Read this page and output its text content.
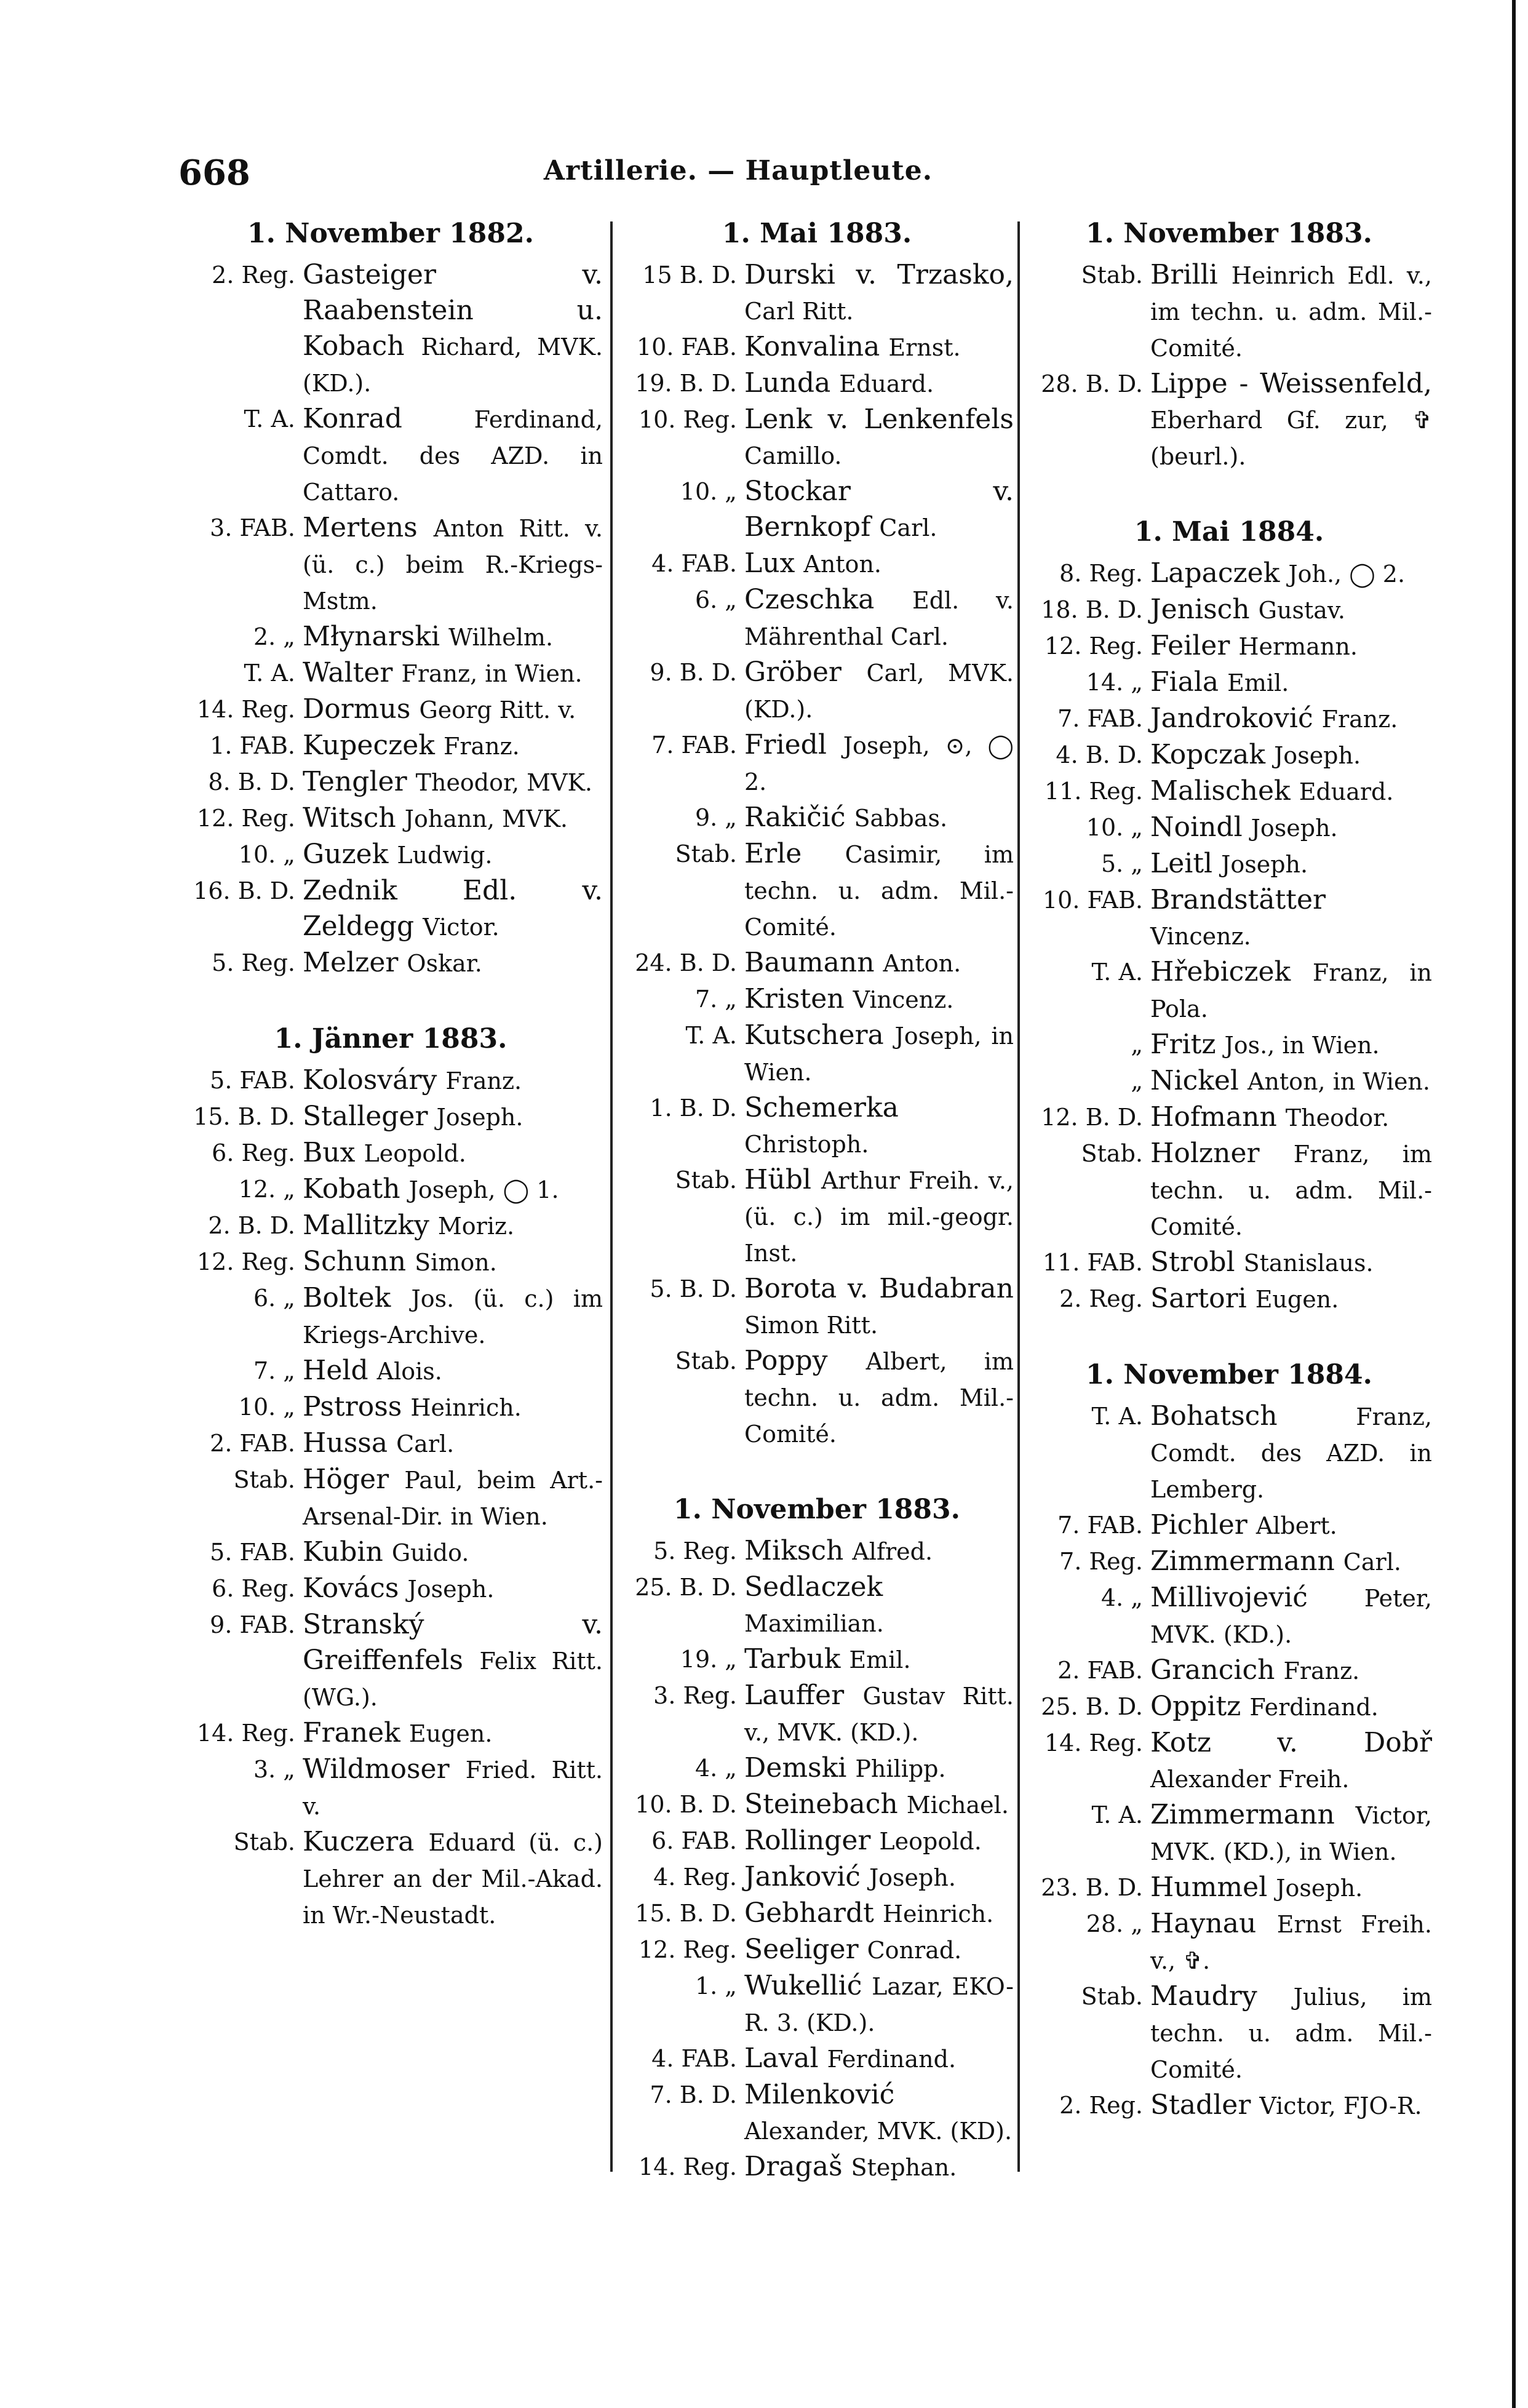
668	Artillerie. — Hauptleute.
1. November 1882.
2. Reg. Gasteiger v. Raabenstein u. Kobach Richard, MVK. (KD.).
T. A. Konrad	Ferdinand, Comdt. des AZD. in Cattaro.
3. FAB. Mertens Anton Ritt. v. (ü. c.) beim R.-Kriegs-Mstm.
2. „ Młynarski Wilhelm.
T. A. Walter Franz, in Wien.
14. Reg. Dormus Georg Ritt. v.
1. FAB. Kupeczek Franz.
8. B. D. Tengler Theodor, MVK.
12. Reg. Witsch Johann, MVK.
10. „ Guzek Ludwig.
16. B. D. Zednik Edl. v. Zeldegg Victor.
5. Reg. Melzer Oskar.
1. Jänner 1883.
5. FAB. Kolosváry Franz.
15. B. D. Stalleger Joseph.
6. Reg. Bux Leopold.
12. „ Kobath Joseph, ◯ 1.
2. B. D. Mallitzky Moriz.
12. Reg. Schunn Simon.
6. „ Boltek Jos. (ü. c.) im Kriegs-Archive.
7. „ Held Alois.
10. „ Pstross Heinrich.
2. FAB. Hussa Carl.
Stab. Höger Paul, beim Art.-Arsenal-Dir. in Wien.
5. FAB. Kubin Guido.
6. Reg. Kovács Joseph.
9. FAB. Stranský v. Greiffenfels Felix Ritt. (WG.).
14. Reg. Franek Eugen.
3. „ Wildmoser Fried. Ritt. v.
Stab. Kuczera Eduard (ü. c.) Lehrer an der Mil.-Akad. in Wr.-Neustadt.
1. Mai 1883.
15 B. D. Durski v. Trzasko, Carl Ritt.
10. FAB. Konvalina Ernst.
19. B. D. Lunda Eduard.
10. Reg. Lenk v. Lenkenfels Camillo.
10. „ Stockar v. Bernkopf Carl.
4. FAB. Lux Anton.
6. „ Czeschka Edl. v. Mährenthal Carl.
9. B. D. Gröber Carl, MVK. (KD.).
7. FAB. Friedl Joseph, ⊙, ◯ 2.
9. „ Rakičić Sabbas.
Stab. Erle Casimir, im techn. u. adm. Mil.-Comité.
24. B. D. Baumann Anton.
7. „ Kristen Vincenz.
T. A. Kutschera Joseph, in Wien.
1. B. D. Schemerka Christoph.
Stab. Hübl Arthur Freih. v., (ü. c.) im mil.-geogr. Inst.
5. B. D. Borota v. Budabran Simon Ritt.
Stab. Poppy Albert, im techn. u. adm. Mil.-Comité.
1. November 1883.
5. Reg. Miksch Alfred.
25. B. D. Sedlaczek Maximilian.
19. „ Tarbuk Emil.
3. Reg. Lauffer Gustav Ritt. v., MVK. (KD.).
4. „ Demski Philipp.
10. B. D. Steinebach Michael.
6. FAB. Rollinger Leopold.
4. Reg. Janković Joseph.
15. B. D. Gebhardt Heinrich.
12. Reg. Seeliger Conrad.
1. „ Wukellić Lazar, EKO-R. 3. (KD.).
4. FAB. Laval Ferdinand.
7. B. D. Milenković Alexander, MVK. (KD).
14. Reg. Dragaš Stephan.
1. November 1883.
Stab. Brilli Heinrich Edl. v., im techn. u. adm. Mil.-Comité.
28. B. D. Lippe - Weissenfeld, Eberhard Gf. zur, ✞ (beurl.).
1. Mai 1884.
8. Reg. Lapaczek Joh., ◯ 2.
18. B. D. Jenisch Gustav.
12. Reg. Feiler Hermann.
14. „ Fiala Emil.
7. FAB. Jandroković Franz.
4. B. D. Kopczak Joseph.
11. Reg. Malischek Eduard.
10. „ Noindl Joseph.
5. „ Leitl Joseph.
10. FAB. Brandstätter Vincenz.
T. A. Hřebiczek Franz, in Pola.
„ Fritz Jos., in Wien.
„ Nickel Anton, in Wien.
12. B. D. Hofmann Theodor.
Stab. Holzner Franz, im techn. u. adm. Mil.-Comité.
11. FAB. Strobl Stanislaus.
2. Reg. Sartori Eugen.
1. November 1884.
T. A. Bohatsch	Franz, Comdt. des AZD. in Lemberg.
7. FAB. Pichler Albert.
7. Reg. Zimmermann Carl.
4. „ Millivojević Peter, MVK. (KD.).
2. FAB. Grancich Franz.
25. B. D. Oppitz Ferdinand.
14. Reg. Kotz v. Dobř Alexander Freih.
T. A. Zimmermann Victor, MVK. (KD.), in Wien.
23. B. D. Hummel Joseph.
28. „ Haynau Ernst Freih. v., ✞.
Stab. Maudry Julius, im techn. u. adm. Mil.-Comité.
2. Reg. Stadler Victor, FJO-R.
